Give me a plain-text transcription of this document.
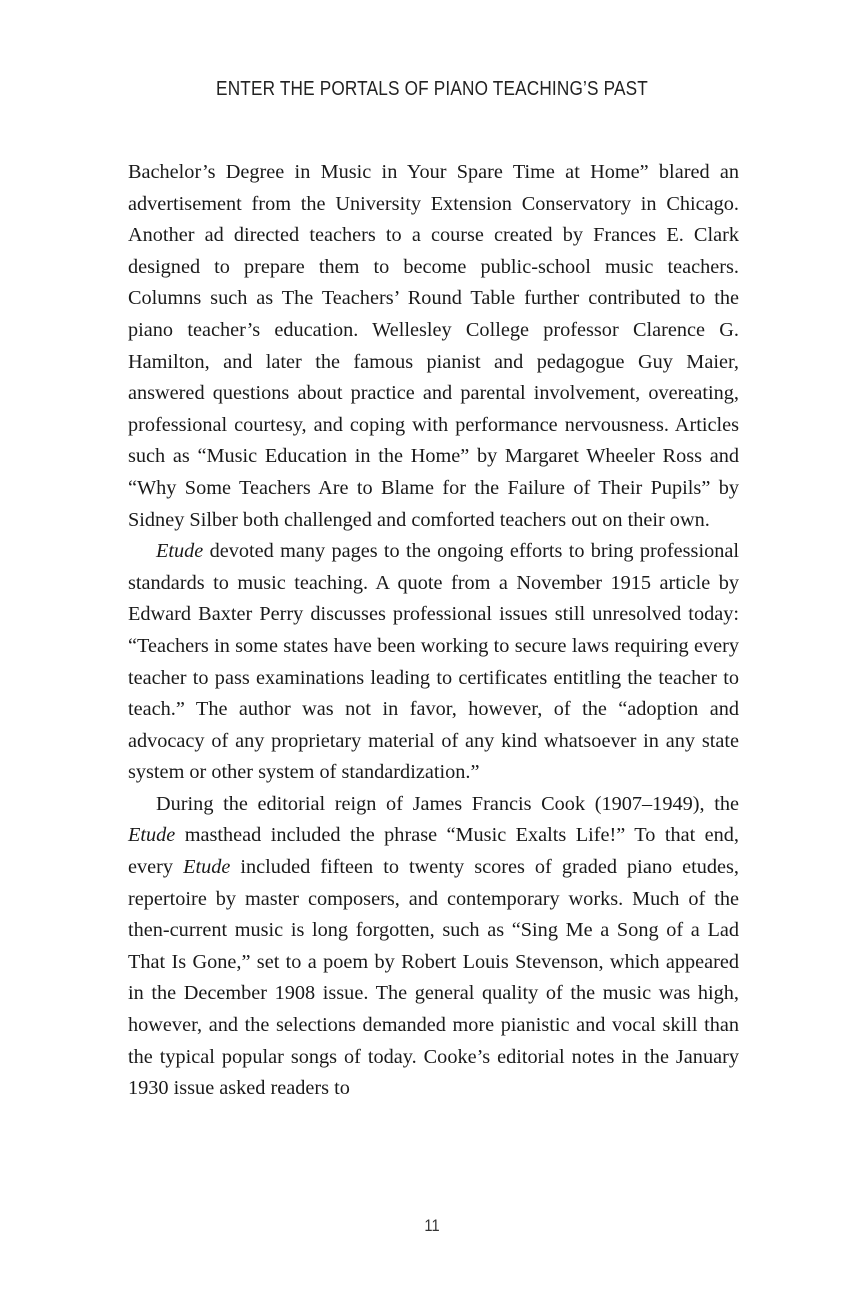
ENTER THE PORTALS OF PIANO TEACHING’S PAST

Bachelor’s Degree in Music in Your Spare Time at Home” blared an advertisement from the University Extension Conservatory in Chicago. Another ad directed teachers to a course created by Frances E. Clark designed to prepare them to become public-school music teachers. Columns such as The Teachers’ Round Table further contributed to the piano teacher’s education. Wellesley College professor Clarence G. Hamilton, and later the famous pianist and pedagogue Guy Maier, answered questions about practice and parental involvement, overeating, professional courtesy, and coping with performance nervousness. Articles such as “Music Education in the Home” by Margaret Wheeler Ross and “Why Some Teachers Are to Blame for the Failure of Their Pupils” by Sidney Silber both challenged and comforted teachers out on their own.

Etude devoted many pages to the ongoing efforts to bring professional standards to music teaching. A quote from a November 1915 article by Edward Baxter Perry discusses professional issues still unresolved today: “Teachers in some states have been working to secure laws requiring every teacher to pass examinations leading to certificates entitling the teacher to teach.” The author was not in favor, however, of the “adoption and advocacy of any proprietary material of any kind whatsoever in any state system or other system of standardization.”

During the editorial reign of James Francis Cook (1907–1949), the Etude masthead included the phrase “Music Exalts Life!” To that end, every Etude included fifteen to twenty scores of graded piano etudes, repertoire by master composers, and contemporary works. Much of the then-current music is long forgotten, such as “Sing Me a Song of a Lad That Is Gone,” set to a poem by Robert Louis Stevenson, which appeared in the December 1908 issue. The general quality of the music was high, however, and the selections demanded more pianistic and vocal skill than the typical popular songs of today. Cooke’s editorial notes in the January 1930 issue asked readers to

11
